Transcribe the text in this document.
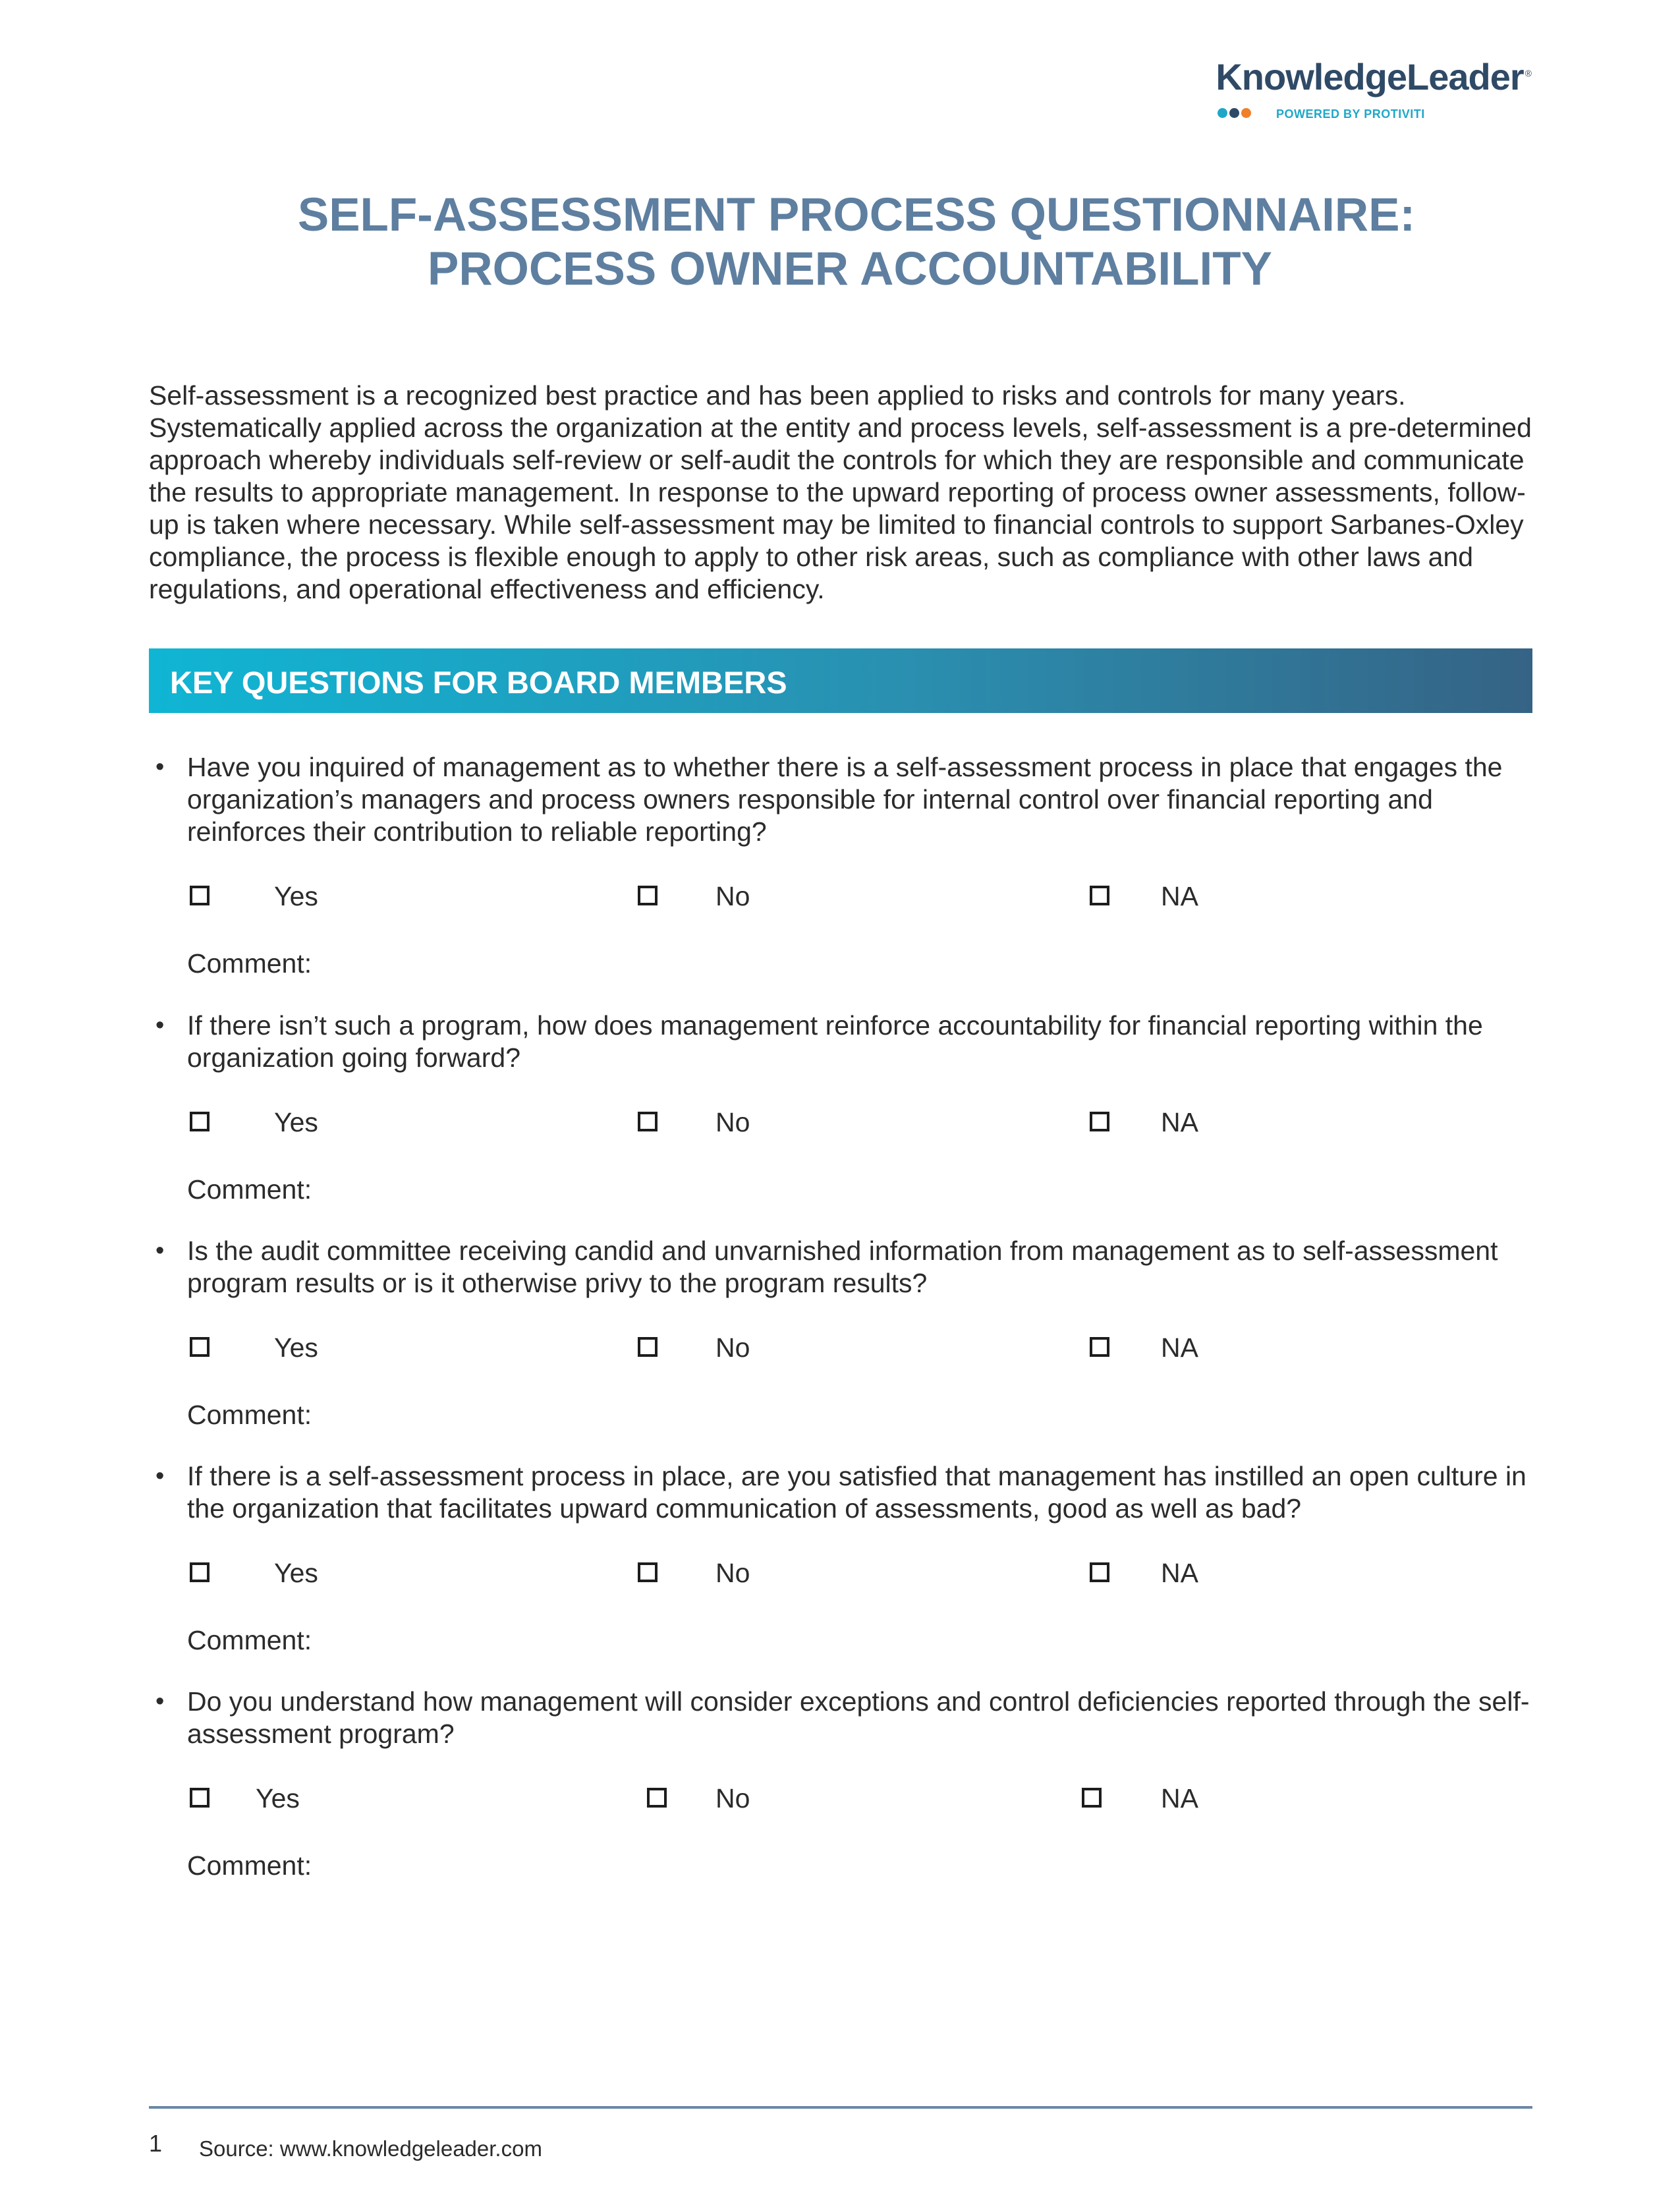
KnowledgeLeader ®
POWERED BY PROTIVITI
SELF-ASSESSMENT PROCESS QUESTIONNAIRE:
PROCESS OWNER ACCOUNTABILITY
Self-assessment is a recognized best practice and has been applied to risks and controls for many years. Systematically applied across the organization at the entity and process levels, self-assessment is a pre-determined approach whereby individuals self-review or self-audit the controls for which they are responsible and communicate the results to appropriate management. In response to the upward reporting of process owner assessments, follow-up is taken where necessary. While self-assessment may be limited to financial controls to support Sarbanes-Oxley compliance, the process is flexible enough to apply to other risk areas, such as compliance with other laws and regulations, and operational effectiveness and efficiency.
KEY QUESTIONS FOR BOARD MEMBERS
• Have you inquired of management as to whether there is a self-assessment process in place that engages the organization’s managers and process owners responsible for internal control over financial reporting and reinforces their contribution to reliable reporting?
Yes	No	NA
Comment:
• If there isn’t such a program, how does management reinforce accountability for financial reporting within the organization going forward?
Yes	No	NA
Comment:
• Is the audit committee receiving candid and unvarnished information from management as to self-assessment program results or is it otherwise privy to the program results?
Yes	No	NA
Comment:
• If there is a self-assessment process in place, are you satisfied that management has instilled an open culture in the organization that facilitates upward communication of assessments, good as well as bad?
Yes	No	NA
Comment:
• Do you understand how management will consider exceptions and control deficiencies reported through the self-assessment program?
Yes	No	NA
Comment:
1 Source: www.knowledgeleader.com
